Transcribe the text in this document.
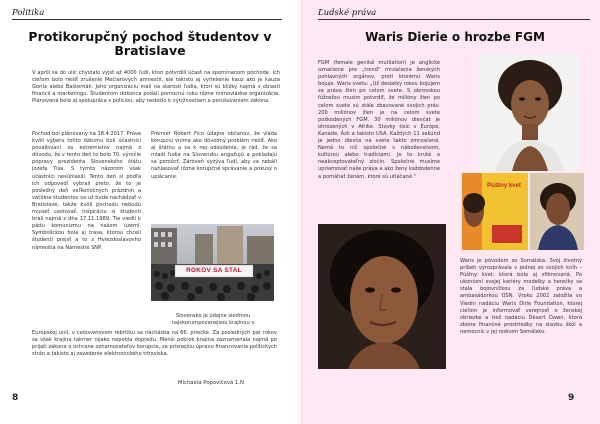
Politika
Protikorupčný pochod študentov v Bratislave
V apríli sa do ulíc chystalo vyjsť až 4000 ľudí, ktorí potvrdili účasť na spomínanom pochode. Ich cieľom bolo riešiť zrušenie Mečiarových amnestií, ale takisto aj vyriešenie kauz ako je kauza Gorila alebo Bašternák. Jeho organizáciu mali na starosti ľudia, ktorí sú blízky najmä v oblasti financií a marketingu. Študentom dokonca podali pomocnú ruku rôzne mimovládne organizácie. Plánovaná bola aj spolupráca s políciou, aby nedošlo k výtržnostiam a porušovaniam zákona.
Pochod bol plánovaný na 18.4.2017. Práve kvôli výberu tohto dátumu boli účastníci považovaní za extrémistov najmä z dôvodu, že v tento deň to bolo 70. výročie popravy prezidenta Slovenského štátu Jozefa Tisa. S týmto názorom však účastníci nesúhlasili. Tento deň si podľa ich odpovedí vybrali preto, že to je posledný deň veľkonočných prázdnin a väčšina študentov sa už bude nachádzať v Bratislave, takže kvôli pochodu nebudú musieť cestovať. Inšpiráciu si študenti brali najmä z dňa 17.11.1989. Tie viedli k pádu komunizmu na našom území. Symbolickou bola aj trasa, ktorou chceli študenti prejsť a to z Hviezdoslavovho námestia na Námestie SNP.
Premiér Róbert Fico údajne občanov, že vláda korupciu vníma ako dôvodný problém riešiť. Ako aj štátnu a sa k nej odsúdenie, je rád, že sa mladí ľudia na Slovensku angažujú a pokladajú sa pomôcť. Zároveň vyzýva ľudí, aby sa nebáli nahlasovať rôzne korupčné správanie a pokusy o uplácanie.
ROKOV SA STAL
Slovensko je údajne siedmou najskorumpovanejšou krajinou v
Európskej únii, v celosvetovom rebríčku sa nachádza na 66. priečke. Za posledných pár rokov sa však krajina takmer nijako nepohla dopredu. Menší pokrok krajina zaznamenala najmä po prijatí zákona o ochrane oznamovateľov korupcie, za prísnejšiu úpravu financovania politických strán a takisto aj zavedenie elektronického trhoviska.
Michaela Popovičová 1.N
8
Ľudské práva
Waris Dierie o hrozbe FGM
FGM (female genital mutilation) je anglické označenie pre „trend" mrzačenia ženských pohlavných orgánov, proti ktorému Waris bojuje. Waris svetu: „Už desiatky rokov bojujem za práva žien po celom svete. S obrovskou fúžosťou musím potvrdiť, že milióny žien po celom svete sú stále zbavované svojich práv. 200 miliónov žien je na celom svete poškodených FGM. 30 miliónov dievčat je ohrozených v Afrike. Stovky tisíc v Európe, Kanade, Ázii a takisto USA. Každých 11 sekúnd je jedno dievča na svete takto zmrzačené. Nemá to nič spoločné s náboženstvom, kultúrou alebo tradíciami. Je to kruté a neakceptovateľný zločin. Spoločne musíme upriamovať naše práva a ako ženy každodenne a pomáhať ženám, ktoré sú utláčané."
Púštny kvet
Waris je pôvodom zo Somálska. Svoj životný príbeh vyrozprávala v jednej zo svojich kníh – Púštny kvet, ktorá bola aj sfilmovaná. Po ukončení svojej kariéry modelky a herečky sa stala bojovníčkou za ľudské práva a ambasádorkou OSN. Vroku 2002 založila vo Viedni nadáciu Waris Dirie Foundation, ktorej cieľom je informovať verejnosť o ženskej obriezke a tiež nadáciu Desert Dawn, ktorá zbiera finančné prostriedky na stavbu škôl a nemocníc v jej rodnom Somálsku.
9
